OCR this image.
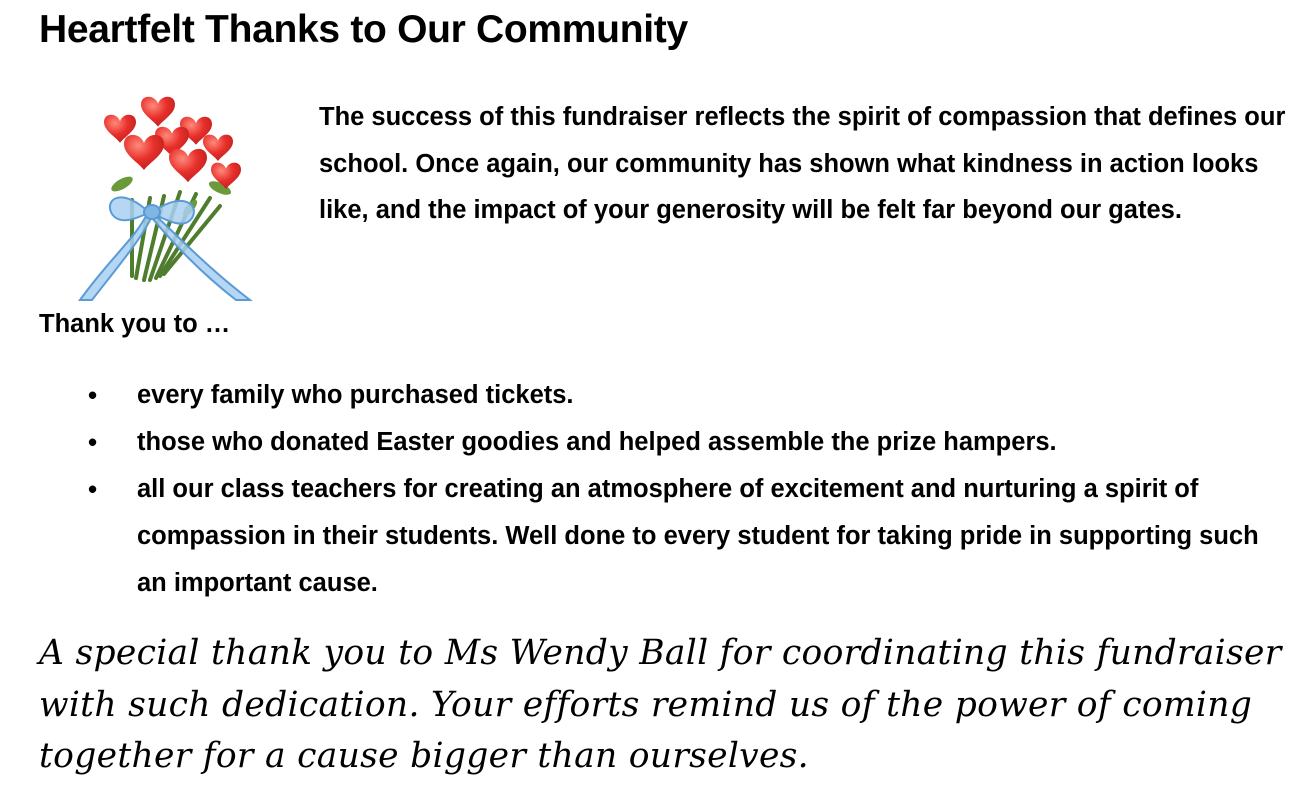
Heartfelt Thanks to Our Community
The success of this fundraiser reflects the spirit of compassion that defines our school. Once again, our community has shown what kindness in action looks like, and the impact of your generosity will be felt far beyond our gates.
Thank you to …
• every family who purchased tickets.
• those who donated Easter goodies and helped assemble the prize hampers.
• all our class teachers for creating an atmosphere of excitement and nurturing a spirit of compassion in their students. Well done to every student for taking pride in supporting such an important cause.
A special thank you to Ms Wendy Ball for coordinating this fundraiser with such dedication. Your efforts remind us of the power of coming together for a cause bigger than ourselves.
